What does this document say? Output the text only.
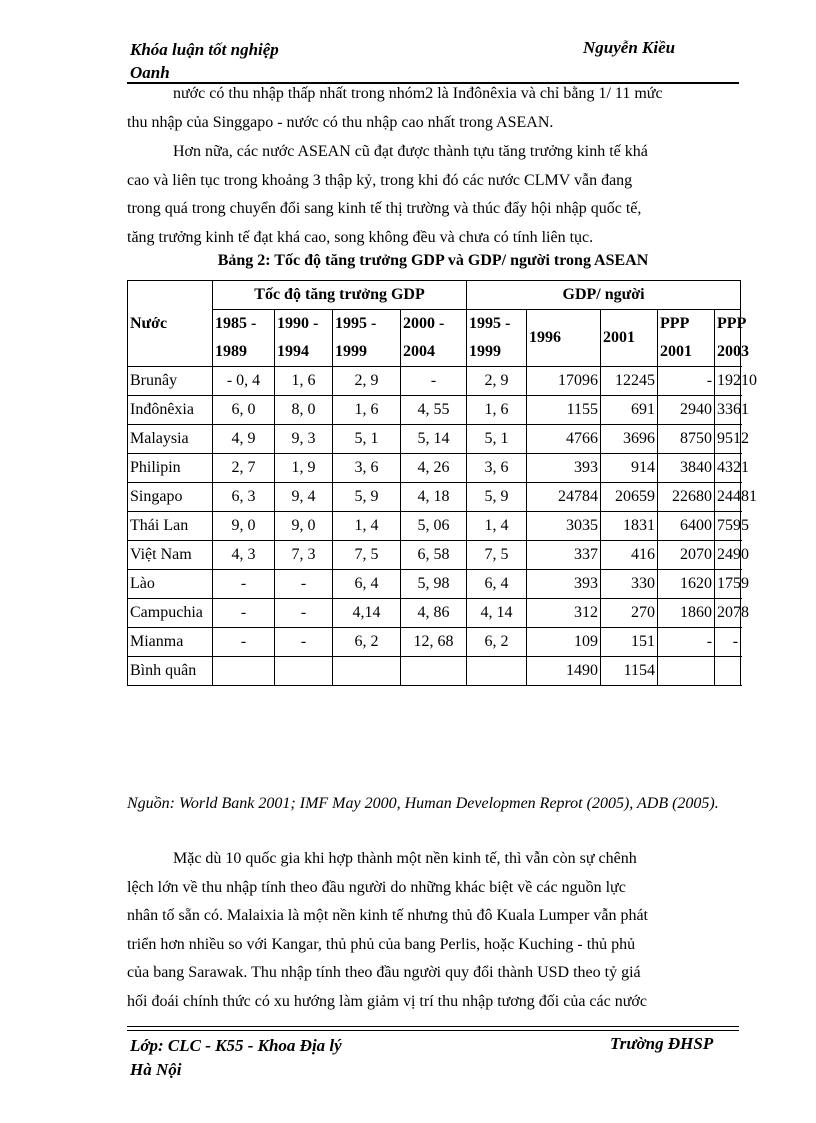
Khóa luận tốt nghiệp
Oanh
Nguyễn Kiều
nước có thu nhập thấp nhất trong nhóm2 là Inđônêxia và chỉ bằng 1/ 11 mức
thu nhập của Singgapo - nước có thu nhập cao nhất trong ASEAN.
Hơn nữa, các nước ASEAN cũ đạt được thành tựu tăng trưởng kinh tế khá
cao và liên tục trong khoảng 3 thập kỷ, trong khi đó các nước CLMV vẫn đang
trong quá trong chuyển đổi sang kinh tế thị trường và thúc đẩy hội nhập quốc tế,
tăng trưởng kinh tế đạt khá cao, song không đều và chưa có tính liên tục.
Bảng 2: Tốc độ tăng trưởng GDP và GDP/ người trong ASEAN
Nước	Tốc độ tăng trưởng GDP				GDP/ người				
	1985 - 1989	1990 - 1994	1995 - 1999	2000 - 2004	1995 - 1999	1996	2001	PPP 2001	PPP 2003
Brunây	- 0, 4	1, 6	2, 9	-	2, 9	17096	12245	-	19210
Inđônêxia	6, 0	8, 0	1, 6	4, 55	1, 6	1155	691	2940	3361
Malaysia	4, 9	9, 3	5, 1	5, 14	5, 1	4766	3696	8750	9512
Philipin	2, 7	1, 9	3, 6	4, 26	3, 6	393	914	3840	4321
Singapo	6, 3	9, 4	5, 9	4, 18	5, 9	24784	20659	22680	24481
Thái Lan	9, 0	9, 0	1, 4	5, 06	1, 4	3035	1831	6400	7595
Việt Nam	4, 3	7, 3	7, 5	6, 58	7, 5	337	416	2070	2490
Lào	-	-	6, 4	5, 98	6, 4	393	330	1620	1759
Campuchia	-	-	4,14	4, 86	4, 14	312	270	1860	2078
Mianma	-	-	6, 2	12, 68	6, 2	109	151	-	-
Bình quân						1490	1154		
Nguồn: World Bank 2001; IMF May 2000, Human Developmen Reprot (2005), ADB (2005).
Mặc dù 10 quốc gia khi hợp thành một nền kinh tế, thì vẫn còn sự chênh
lệch lớn về thu nhập tính theo đầu người do những khác biệt về các nguồn lực
nhân tố sẵn có. Malaixia là một nền kinh tế nhưng thủ đô Kuala Lumper vẫn phát
triển hơn nhiều so với Kangar, thủ phủ của bang Perlis, hoặc Kuching - thủ phủ
của bang Sarawak. Thu nhập tính theo đầu người quy đổi thành USD theo tỷ giá
hối đoái chính thức có xu hướng làm giảm vị trí thu nhập tương đối của các nước
Lớp: CLC - K55 - Khoa Địa lý
Hà Nội
Trường ĐHSP
